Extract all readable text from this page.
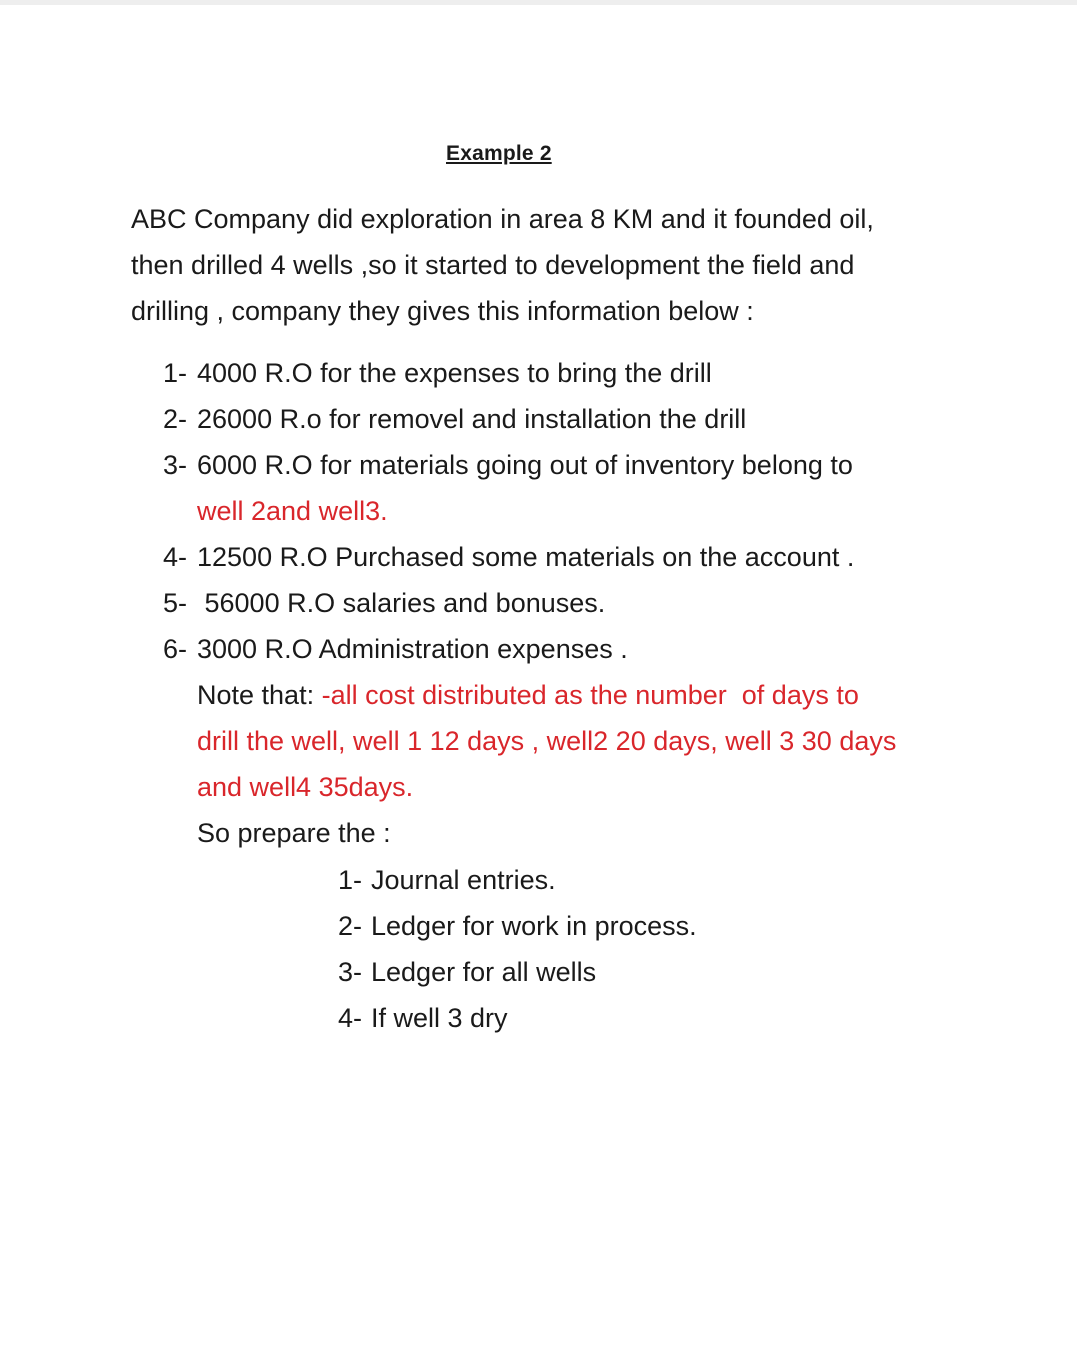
Example 2
ABC Company did exploration in area 8 KM and it founded oil,
then drilled 4 wells ,so it started to development the field and
drilling , company they gives this information below :
1- 4000 R.O for the expenses to bring the drill
2- 26000 R.o for removel and installation the drill
3- 6000 R.O for materials going out of inventory belong to
well 2and well3.
4- 12500 R.O Purchased some materials on the account .
5- 56000 R.O salaries and bonuses.
6- 3000 R.O Administration expenses .
Note that: -all cost distributed as the number  of days to
drill the well, well 1 12 days , well2 20 days, well 3 30 days
and well4 35days.
So prepare the :
1- Journal entries.
2- Ledger for work in process.
3- Ledger for all wells
4- If well 3 dry
